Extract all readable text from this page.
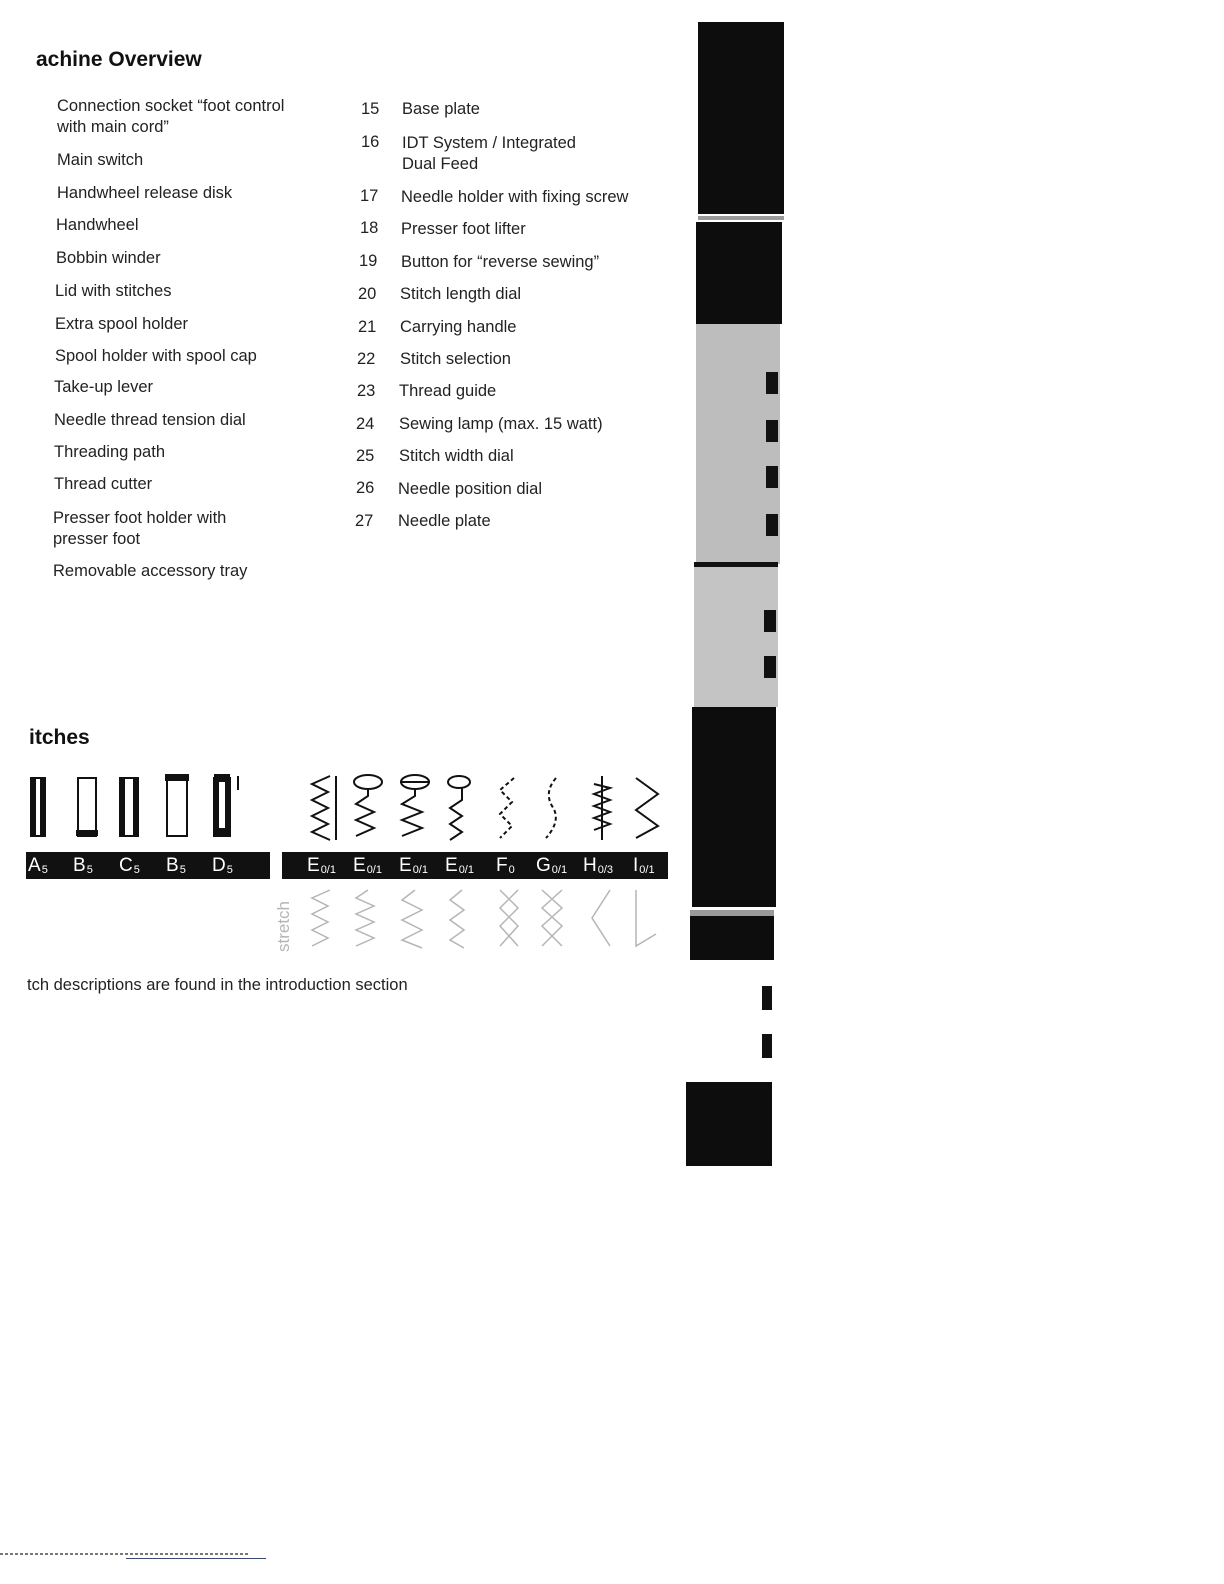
achine Overview
itches
Connection socket “foot control
with main cord”
Main switch
Handwheel release disk
Handwheel
Bobbin winder
Lid with stitches
Extra spool holder
Spool holder with spool cap
Take-up lever
Needle thread tension dial
Threading path
Thread cutter
Presser foot holder with
presser foot
Removable accessory tray
15 Base plate
16 IDT System / Integrated
Dual Feed
17 Needle holder with fixing screw
18 Presser foot lifter
19 Button for “reverse sewing”
20 Stitch length dial
21 Carrying handle
22 Stitch selection
23 Thread guide
24 Sewing lamp (max. 15 watt)
25 Stitch width dial
26 Needle position dial
27 Needle plate
$A_5$ $B_5$ $C_5$ $B_5$ $D_5$	$E_{0/1}$ $E_{0/1}$ $E_{0/1}$ $E_{0/1}$ $F_0$ $G_{0/1}$ $H_{0/3}$ $I_{0/1}$
stretch
tch descriptions are found in the introduction section
